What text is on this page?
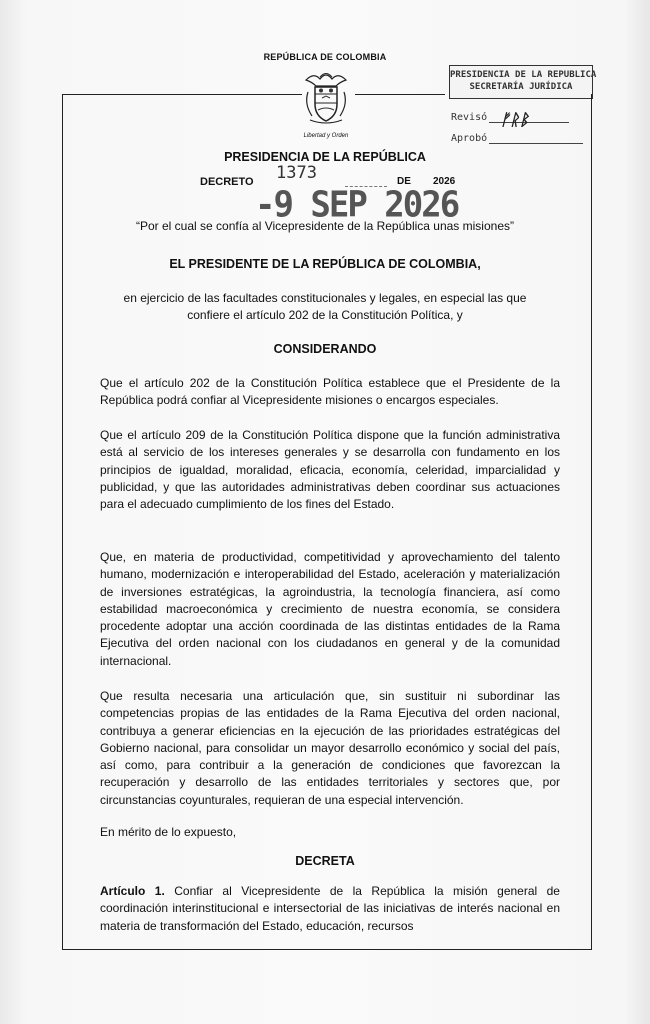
REPÚBLICA DE COLOMBIA
Libertad y Orden
PRESIDENCIA DE LA REPUBLICA
SECRETARÍA JURÍDICA
Revisó ᚠᚱᛒ
Aprobó
PRESIDENCIA DE LA REPÚBLICA
DECRETO 1373	DE 2026
-9 SEP 2026
“Por el cual se confía al Vicepresidente de la República unas misiones”
EL PRESIDENTE DE LA REPÚBLICA DE COLOMBIA,
en ejercicio de las facultades constitucionales y legales, en especial las que
confiere el artículo 202 de la Constitución Política, y
CONSIDERANDO
Que el artículo 202 de la Constitución Política establece que el Presidente de la República podrá confiar al Vicepresidente misiones o encargos especiales.
Que el artículo 209 de la Constitución Política dispone que la función administrativa está al servicio de los intereses generales y se desarrolla con fundamento en los principios de igualdad, moralidad, eficacia, economía, celeridad, imparcialidad y publicidad, y que las autoridades administrativas deben coordinar sus actuaciones para el adecuado cumplimiento de los fines del Estado.
Que, en materia de productividad, competitividad y aprovechamiento del talento humano, modernización e interoperabilidad del Estado, aceleración y materialización de inversiones estratégicas, la agroindustria, la tecnología financiera, así como estabilidad macroeconómica y crecimiento de nuestra economía, se considera procedente adoptar una acción coordinada de las distintas entidades de la Rama Ejecutiva del orden nacional con los ciudadanos en general y de la comunidad internacional.
Que resulta necesaria una articulación que, sin sustituir ni subordinar las competencias propias de las entidades de la Rama Ejecutiva del orden nacional, contribuya a generar eficiencias en la ejecución de las prioridades estratégicas del Gobierno nacional, para consolidar un mayor desarrollo económico y social del país, así como, para contribuir a la generación de condiciones que favorezcan la recuperación y desarrollo de las entidades territoriales y sectores que, por circunstancias coyunturales, requieran de una especial intervención.
En mérito de lo expuesto,
DECRETA
Artículo 1. Confiar al Vicepresidente de la República la misión general de coordinación interinstitucional e intersectorial de las iniciativas de interés nacional en materia de transformación del Estado, educación, recursos
